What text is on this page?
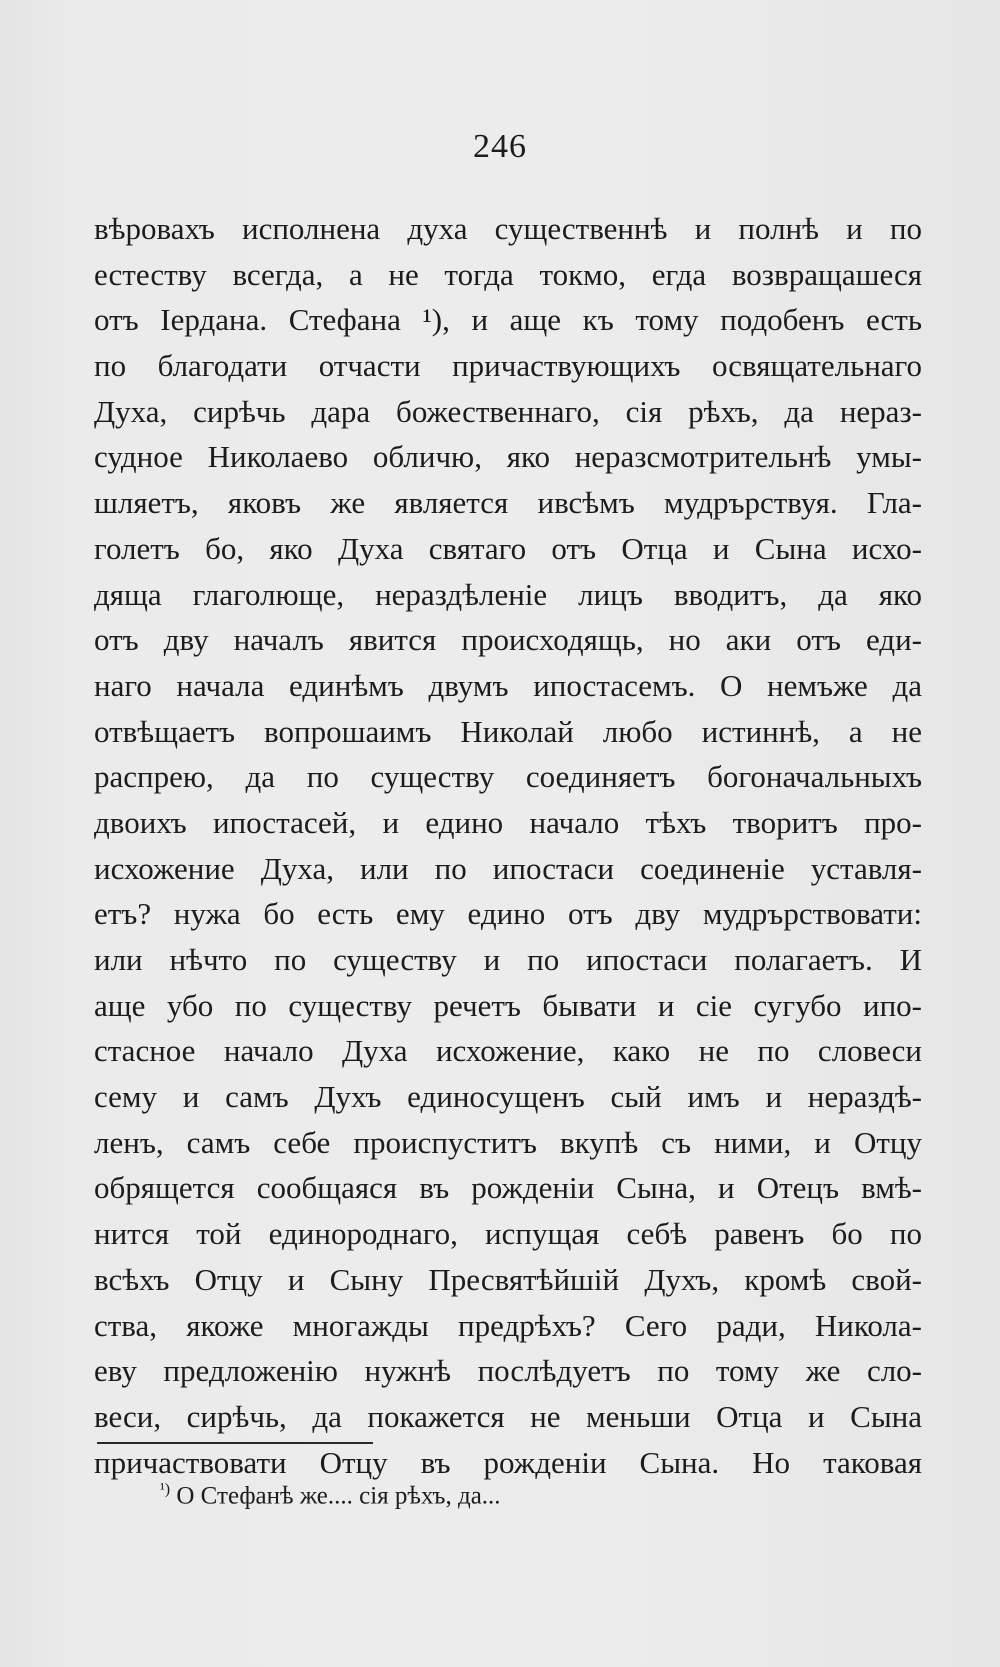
246
вѣровахъ исполнена духа существеннѣ и полнѣ и по
естеству всегда, а не тогда токмо, егда возвращашеся
отъ Іердана. Стефана ¹), и аще къ тому подобенъ есть
по благодати отчасти причаствующихъ освящательнаго
Духа, сирѣчь дара божественнаго, сія рѣхъ, да нераз-
судное Николаево обличю, яко неразсмотрительнѣ умы-
шляетъ, яковъ же является ивсѣмъ мудрърствуя. Гла-
голетъ бо, яко Духа святаго отъ Отца и Сына исхо-
дяща глаголюще, нераздѣленіе лицъ вводитъ, да яко
отъ дву началъ явится происходящь, но аки отъ еди-
наго начала единѣмъ двумъ ипостасемъ. О немъже да
отвѣщаетъ вопрошаимъ Николай любо истиннѣ, а не
распрею, да по существу соединяетъ богоначальныхъ
двоихъ ипостасей, и едино начало тѣхъ творитъ про-
исхожение Духа, или по ипостаси соединеніе уставля-
етъ? нужа бо есть ему едино отъ дву мудрърствовати:
или нѣчто по существу и по ипостаси полагаетъ. И
аще убо по существу речетъ бывати и сіе сугубо ипо-
стасное начало Духа исхожение, како не по словеси
сему и самъ Духъ единосущенъ сый имъ и нераздѣ-
ленъ, самъ себе происпуститъ вкупѣ съ ними, и Отцу
обрящется сообщаяся въ рожденіи Сына, и Отецъ вмѣ-
нится той единороднаго, испущая себѣ равенъ бо по
всѣхъ Отцу и Сыну Пресвятѣйшій Духъ, кромѣ свой-
ства, якоже многажды предрѣхъ? Сего ради, Никола-
еву предложенію нужнѣ послѣдуетъ по тому же сло-
веси, сирѣчь, да покажется не меньши Отца и Сына
причаствовати Отцу въ рожденіи Сына. Но таковая
$^{^1)}$ О Стефанѣ же.... сія рѣхъ, да...
